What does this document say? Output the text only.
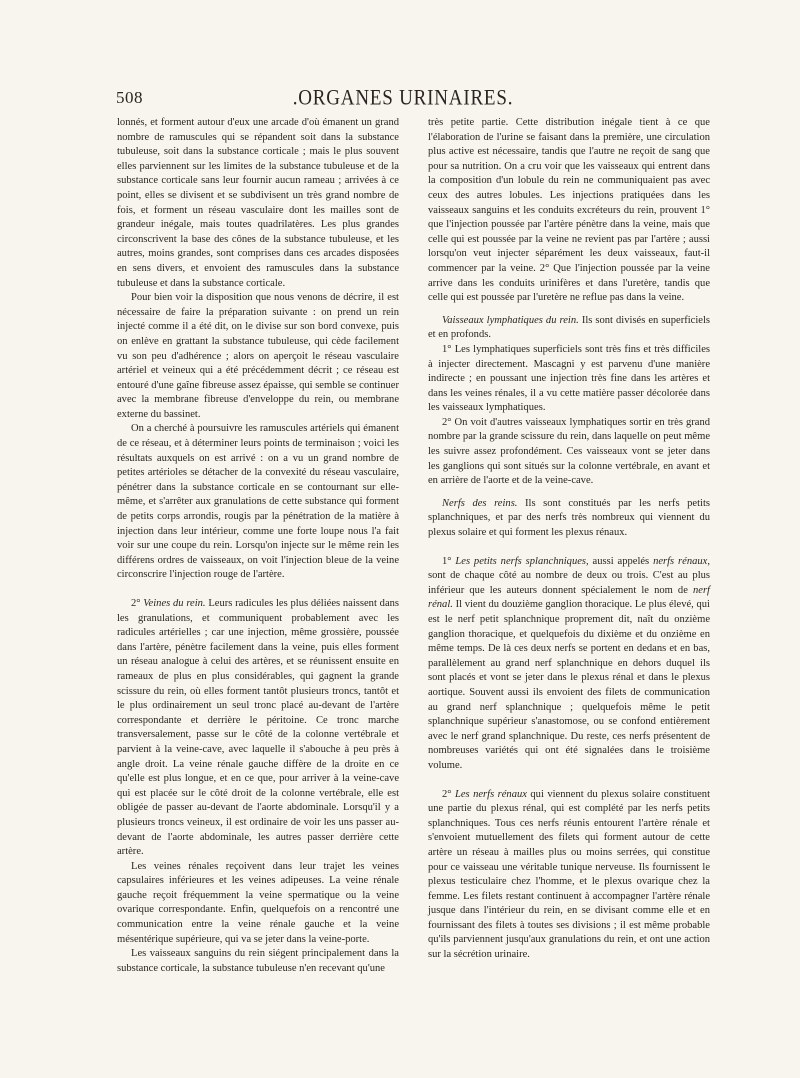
508	.ORGANES URINAIRES.

lonnés, et forment autour d'eux une arcade d'où émanent un grand nombre de ramuscules qui se répandent soit dans la substance tubuleuse, soit dans la substance corticale ; mais le plus souvent elles parviennent sur les limites de la substance tubuleuse et de la substance corticale sans leur fournir aucun rameau ; arrivées à ce point, elles se divisent et se subdivisent un très grand nombre de fois, et forment un réseau vasculaire dont les mailles sont de grandeur inégale, mais toutes quadrilatères. Les plus grandes circonscrivent la base des cônes de la substance tubuleuse, et les autres, moins grandes, sont comprises dans ces arcades disposées en sens divers, et envoient des ramuscules dans la substance tubuleuse et dans la substance corticale.

Pour bien voir la disposition que nous venons de décrire, il est nécessaire de faire la préparation suivante : on prend un rein injecté comme il a été dit, on le divise sur son bord convexe, puis on enlève en grattant la substance tubuleuse, qui cède facilement vu son peu d'adhérence ; alors on aperçoit le réseau vasculaire artériel et veineux qui a été précédemment décrit ; ce réseau est entouré d'une gaîne fibreuse assez épaisse, qui semble se continuer avec la membrane fibreuse d'enveloppe du rein, ou membrane externe du bassinet.

On a cherché à poursuivre les ramuscules artériels qui émanent de ce réseau, et à déterminer leurs points de terminaison ; voici les résultats auxquels on est arrivé : on a vu un grand nombre de petites artérioles se détacher de la convexité du réseau vasculaire, pénétrer dans la substance corticale en se contournant sur elle-même, et s'arrêter aux granulations de cette substance qui forment de petits corps arrondis, rougis par la pénétration de la matière à injection dans leur intérieur, comme une forte loupe nous l'a fait voir sur une coupe du rein. Lorsqu'on injecte sur le même rein les différens ordres de vaisseaux, on voit l'injection bleue de la veine circonscrire l'injection rouge de l'artère.

2° Veines du rein. Leurs radicules les plus déliées naissent dans les granulations, et communiquent probablement avec les radicules artérielles ; car une injection, même grossière, poussée dans l'artère, pénètre facilement dans la veine, puis elles forment un réseau analogue à celui des artères, et se réunissent ensuite en rameaux de plus en plus considérables, qui gagnent la grande scissure du rein, où elles forment tantôt plusieurs troncs, tantôt et le plus ordinairement un seul tronc placé au-devant de l'artère correspondante et derrière le péritoine. Ce tronc marche transversalement, passe sur le côté de la colonne vertébrale et parvient à la veine-cave, avec laquelle il s'abouche à peu près à angle droit. La veine rénale gauche diffère de la droite en ce qu'elle est plus longue, et en ce que, pour arriver à la veine-cave qui est placée sur le côté droit de la colonne vertébrale, elle est obligée de passer au-devant de l'aorte abdominale. Lorsqu'il y a plusieurs troncs veineux, il est ordinaire de voir les uns passer au-devant de l'aorte abdominale, les autres passer derrière cette artère.

Les veines rénales reçoivent dans leur trajet les veines capsulaires inférieures et les veines adipeuses. La veine rénale gauche reçoit fréquemment la veine spermatique ou la veine ovarique correspondante. Enfin, quelquefois on a rencontré une communication entre la veine rénale gauche et la veine mésentérique supérieure, qui va se jeter dans la veine-porte.

Les vaisseaux sanguins du rein siégent principalement dans la substance corticale, la substance tubuleuse n'en recevant qu'une

très petite partie. Cette distribution inégale tient à ce que l'élaboration de l'urine se faisant dans la première, une circulation plus active est nécessaire, tandis que l'autre ne reçoit de sang que pour sa nutrition. On a cru voir que les vaisseaux qui entrent dans la composition d'un lobule du rein ne communiquaient pas avec ceux des autres lobules. Les injections pratiquées dans les vaisseaux sanguins et les conduits excréteurs du rein, prouvent 1° que l'injection poussée par l'artère pénètre dans la veine, mais que celle qui est poussée par la veine ne revient pas par l'artère ; aussi lorsqu'on veut injecter séparément les deux vaisseaux, faut-il commencer par la veine. 2° Que l'injection poussée par la veine arrive dans les conduits urinifères et dans l'uretère, tandis que celle qui est poussée par l'uretère ne reflue pas dans la veine.

Vaisseaux lymphatiques du rein. Ils sont divisés en superficiels et en profonds.

1° Les lymphatiques superficiels sont très fins et très difficiles à injecter directement. Mascagni y est parvenu d'une manière indirecte ; en poussant une injection très fine dans les artères et dans les veines rénales, il a vu cette matière passer décolorée dans les vaisseaux lymphatiques.

2° On voit d'autres vaisseaux lymphatiques sortir en très grand nombre par la grande scissure du rein, dans laquelle on peut même les suivre assez profondément. Ces vaisseaux vont se jeter dans les ganglions qui sont situés sur la colonne vertébrale, en avant et en arrière de l'aorte et de la veine-cave.

Nerfs des reins. Ils sont constitués par les nerfs petits splanchniques, et par des nerfs très nombreux qui viennent du plexus solaire et qui forment les plexus rénaux.

1° Les petits nerfs splanchniques, aussi appelés nerfs rénaux, sont de chaque côté au nombre de deux ou trois. C'est au plus inférieur que les auteurs donnent spécialement le nom de nerf rénal. Il vient du douzième ganglion thoracique. Le plus élevé, qui est le nerf petit splanchnique proprement dit, naît du onzième ganglion thoracique, et quelquefois du dixième et du onzième en même temps. De là ces deux nerfs se portent en dedans et en bas, parallèlement au grand nerf splanchnique en dehors duquel ils sont placés et vont se jeter dans le plexus rénal et dans le plexus aortique. Souvent aussi ils envoient des filets de communication au grand nerf splanchnique ; quelquefois même le petit splanchnique supérieur s'anastomose, ou se confond entièrement avec le nerf grand splanchnique. Du reste, ces nerfs présentent de nombreuses variétés qui ont été signalées dans le troisième volume.

2° Les nerfs rénaux qui viennent du plexus solaire constituent une partie du plexus rénal, qui est complété par les nerfs petits splanchniques. Tous ces nerfs réunis entourent l'artère rénale et s'envoient mutuellement des filets qui forment autour de cette artère un réseau à mailles plus ou moins serrées, qui constitue pour ce vaisseau une véritable tunique nerveuse. Ils fournissent le plexus testiculaire chez l'homme, et le plexus ovarique chez la femme. Les filets restant continuent à accompagner l'artère rénale jusque dans l'intérieur du rein, en se divisant comme elle et en fournissant des filets à toutes ses divisions ; il est même probable qu'ils parviennent jusqu'aux granulations du rein, et ont une action sur la sécrétion urinaire.
